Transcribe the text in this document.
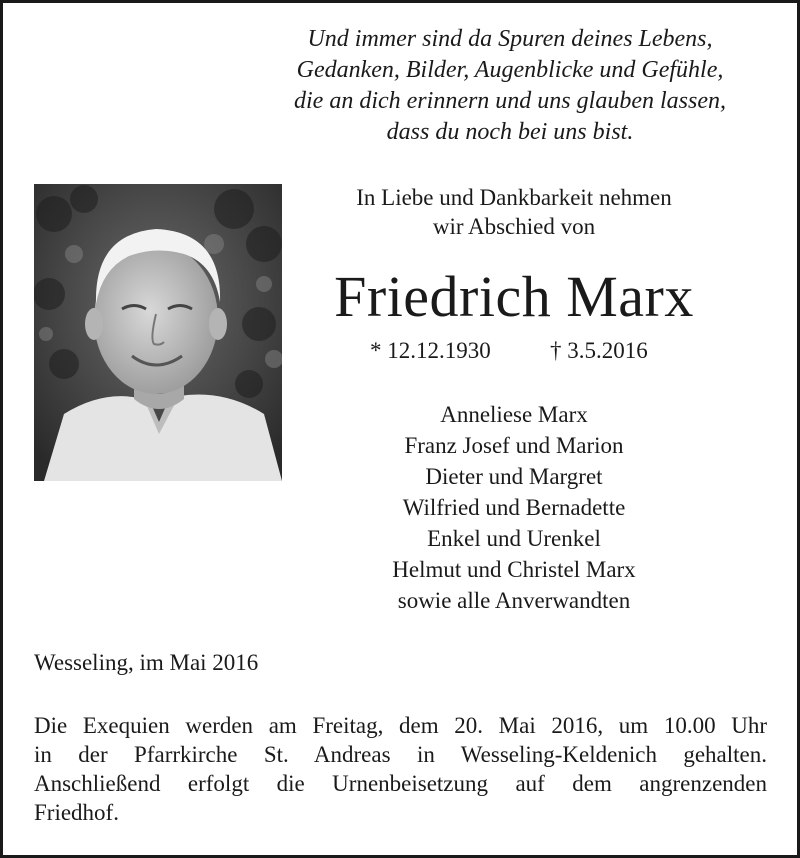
Und immer sind da Spuren deines Lebens,
Gedanken, Bilder, Augenblicke und Gefühle,
die an dich erinnern und uns glauben lassen,
dass du noch bei uns bist.
In Liebe und Dankbarkeit nehmen
wir Abschied von
Friedrich Marx
* 12.12.1930	† 3.5.2016
Anneliese Marx
Franz Josef und Marion
Dieter und Margret
Wilfried und Bernadette
Enkel und Urenkel
Helmut und Christel Marx
sowie alle Anverwandten
Wesseling, im Mai 2016
Die Exequien werden am Freitag, dem 20. Mai 2016, um 10.00 Uhr
in der Pfarrkirche St. Andreas in Wesseling-Keldenich gehalten.
Anschließend erfolgt die Urnenbeisetzung auf dem angrenzenden
Friedhof.
